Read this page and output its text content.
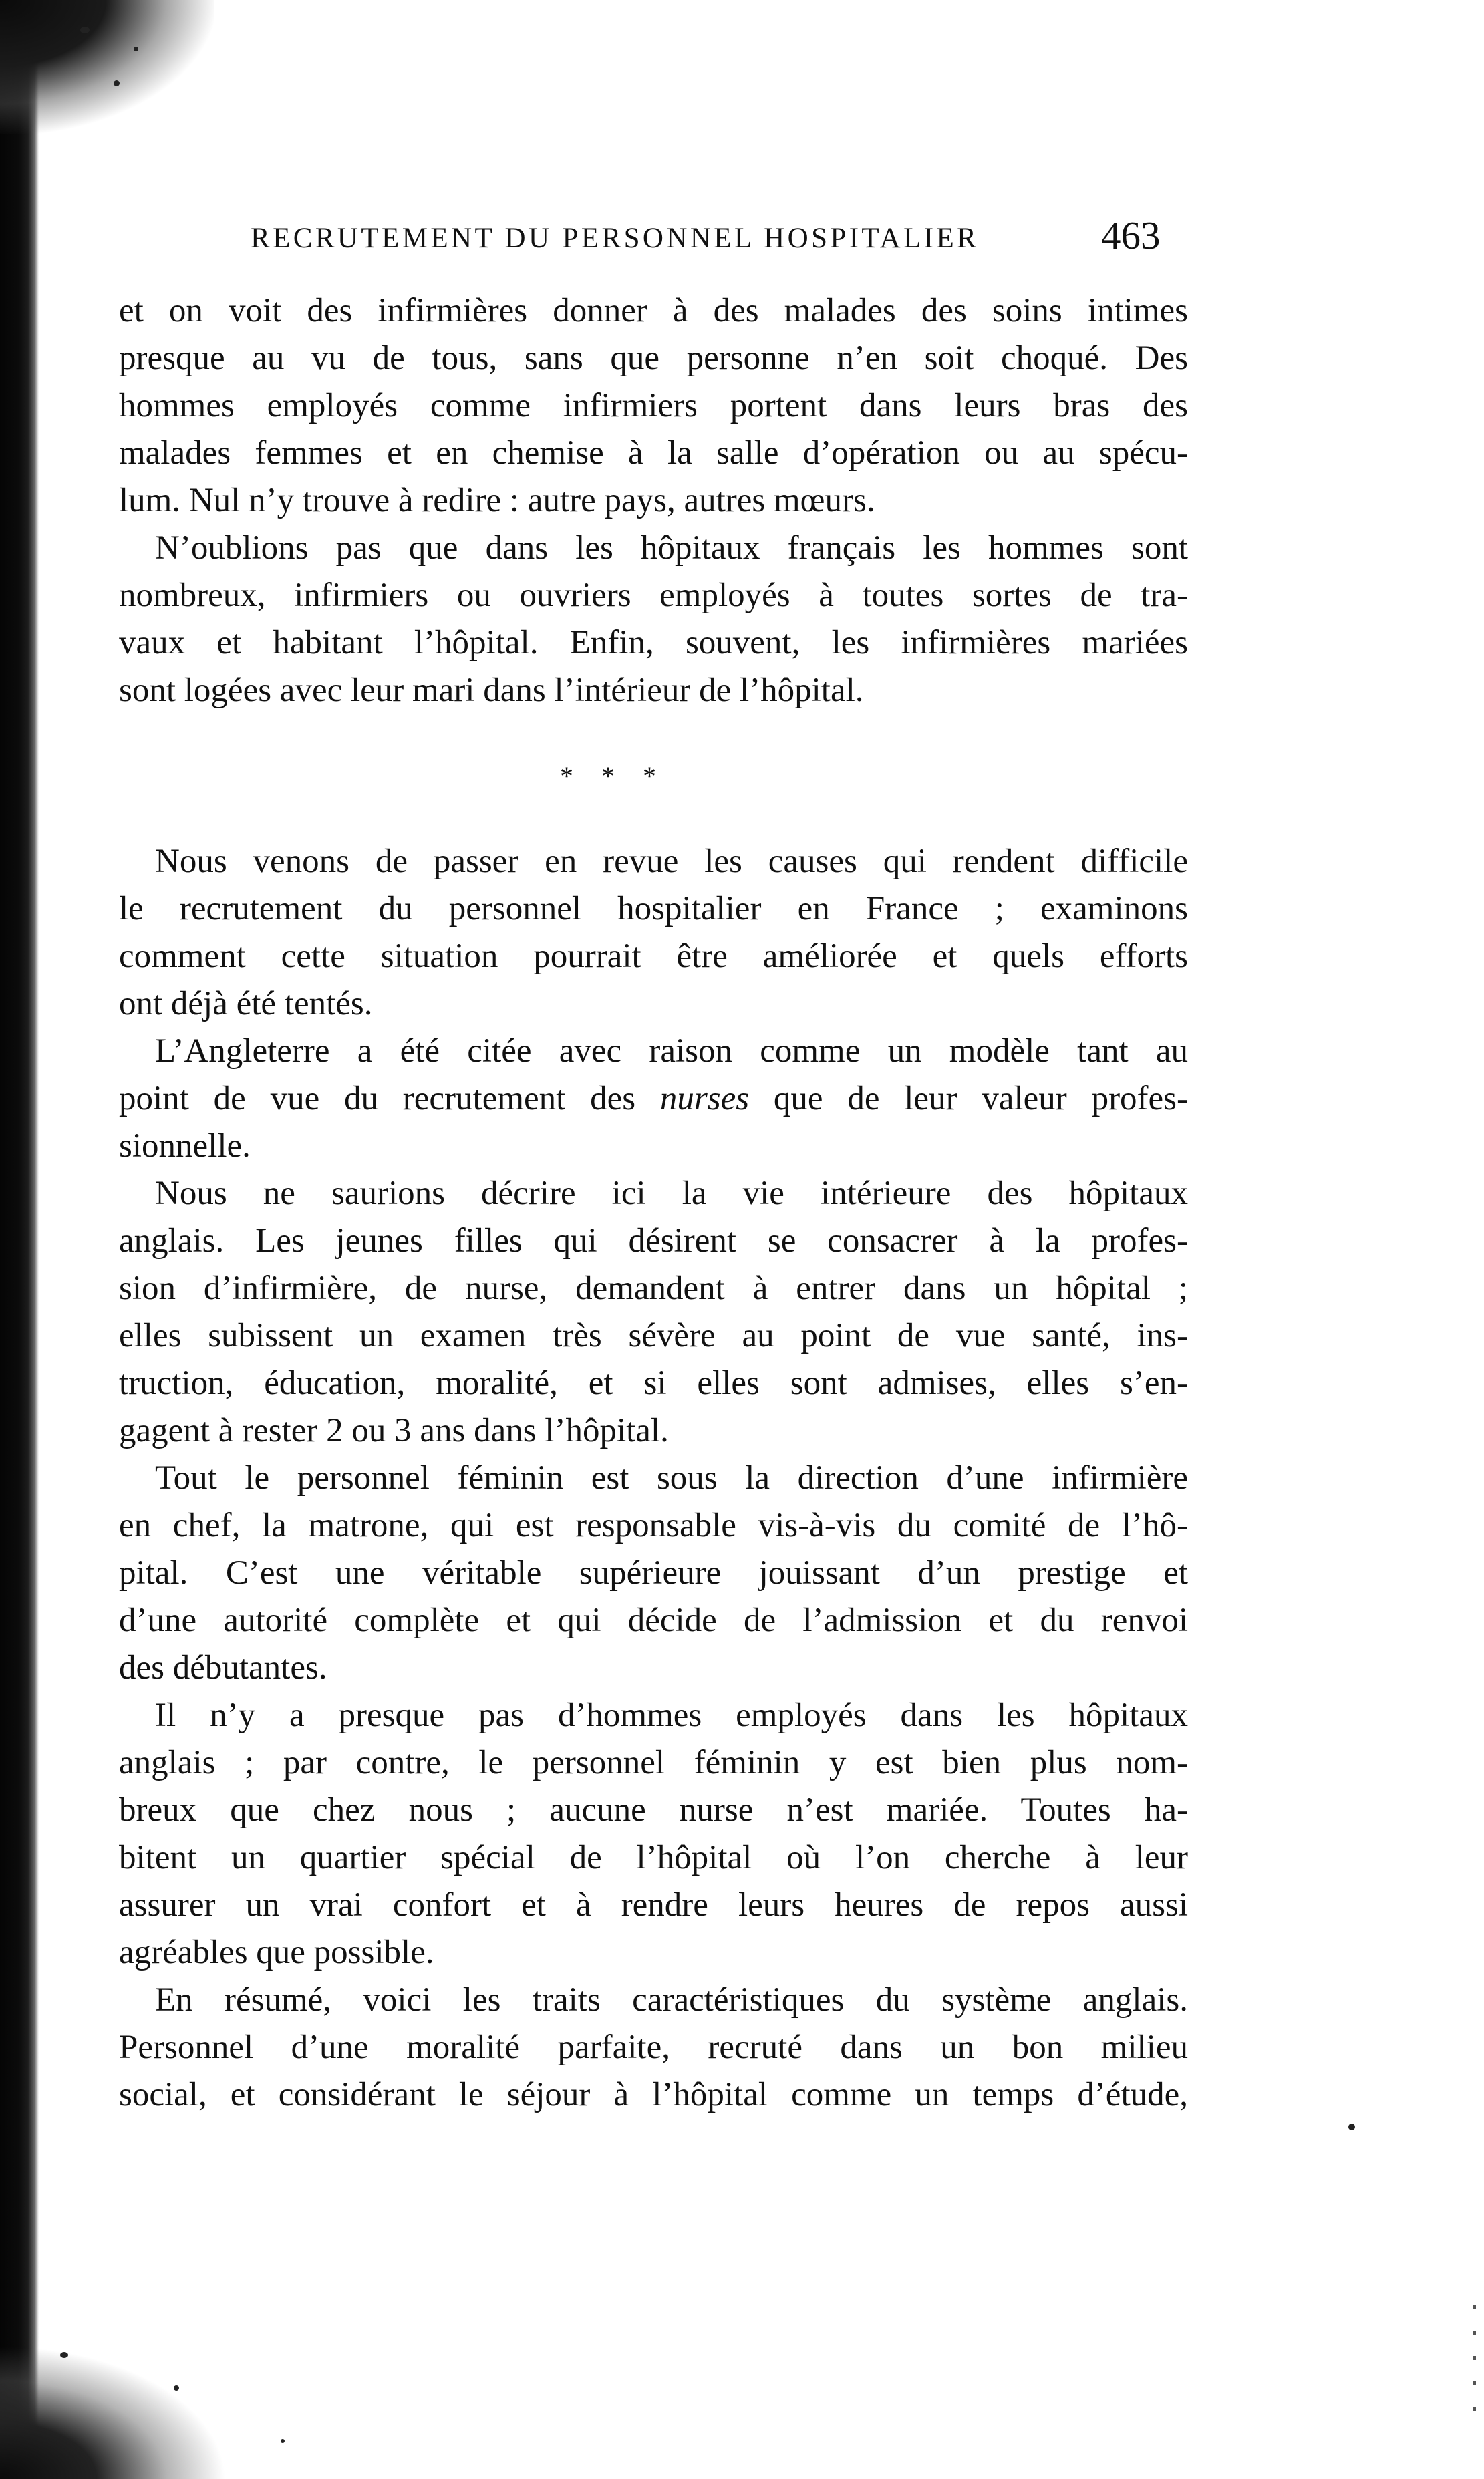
RECRUTEMENT DU PERSONNEL HOSPITALIER	463
et on voit des infirmières donner à des malades des soins intimes
presque au vu de tous, sans que personne n’en soit choqué. Des
hommes employés comme infirmiers portent dans leurs bras des
malades femmes et en chemise à la salle d’opération ou au spécu-
lum. Nul n’y trouve à redire : autre pays, autres mœurs.
N’oublions pas que dans les hôpitaux français les hommes sont
nombreux, infirmiers ou ouvriers employés à toutes sortes de tra-
vaux et habitant l’hôpital. Enfin, souvent, les infirmières mariées
sont logées avec leur mari dans l’intérieur de l’hôpital.
* * *
Nous venons de passer en revue les causes qui rendent difficile
le recrutement du personnel hospitalier en France ; examinons
comment cette situation pourrait être améliorée et quels efforts
ont déjà été tentés.
L’Angleterre a été citée avec raison comme un modèle tant au
point de vue du recrutement des nurses que de leur valeur profes-
sionnelle.
Nous ne saurions décrire ici la vie intérieure des hôpitaux
anglais. Les jeunes filles qui désirent se consacrer à la profes-
sion d’infirmière, de nurse, demandent à entrer dans un hôpital ;
elles subissent un examen très sévère au point de vue santé, ins-
truction, éducation, moralité, et si elles sont admises, elles s’en-
gagent à rester 2 ou 3 ans dans l’hôpital.
Tout le personnel féminin est sous la direction d’une infirmière
en chef, la matrone, qui est responsable vis-à-vis du comité de l’hô-
pital. C’est une véritable supérieure jouissant d’un prestige et
d’une autorité complète et qui décide de l’admission et du renvoi
des débutantes.
Il n’y a presque pas d’hommes employés dans les hôpitaux
anglais ; par contre, le personnel féminin y est bien plus nom-
breux que chez nous ; aucune nurse n’est mariée. Toutes ha-
bitent un quartier spécial de l’hôpital où l’on cherche à leur
assurer un vrai confort et à rendre leurs heures de repos aussi
agréables que possible.
En résumé, voici les traits caractéristiques du système anglais.
Personnel d’une moralité parfaite, recruté dans un bon milieu
social, et considérant le séjour à l’hôpital comme un temps d’étude,
